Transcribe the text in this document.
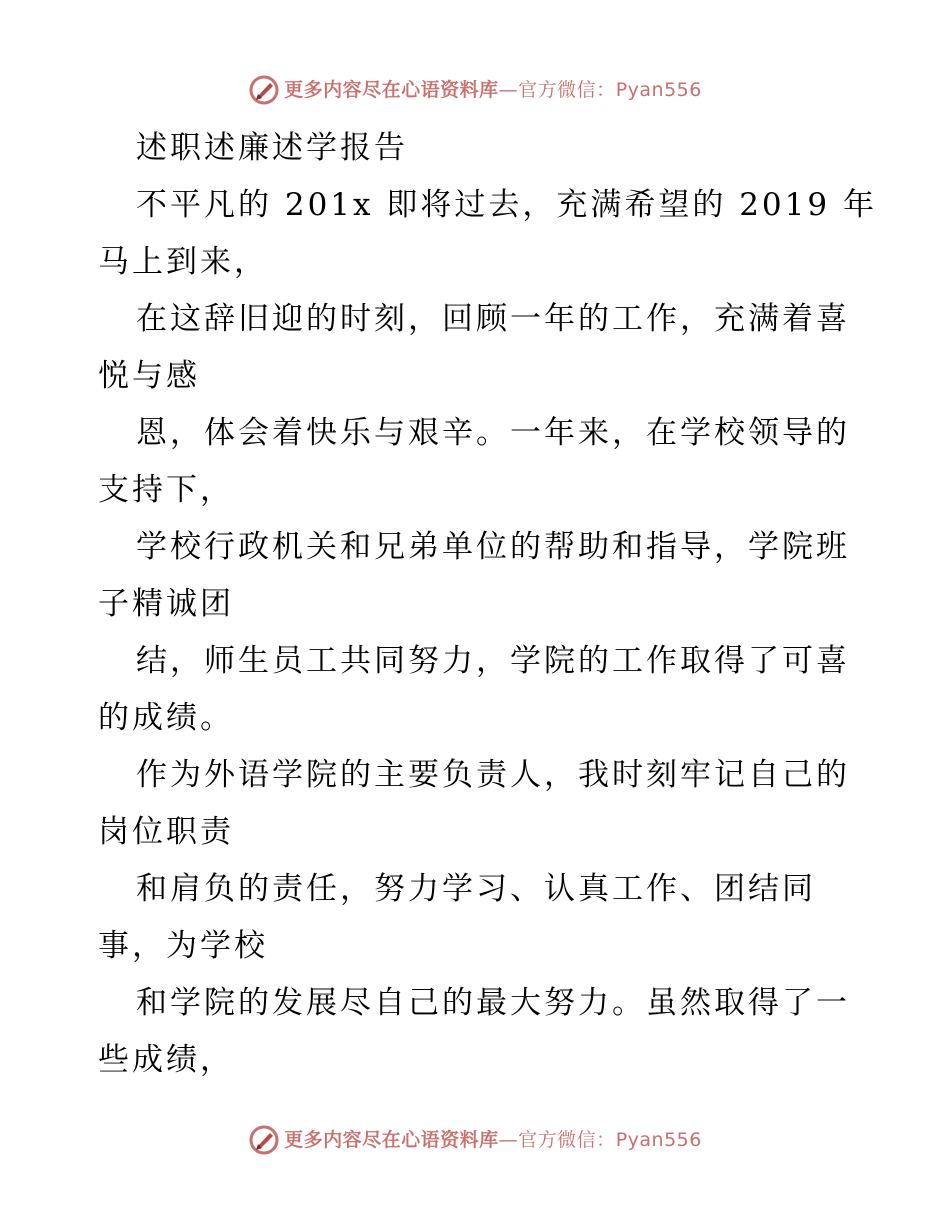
更多内容尽在心语资料库 — 官方微信： Pyan556
述职述廉述学报告
不平凡的 201x 即将过去，充满希望的 2019 年
马上到来，
在这辞旧迎的时刻，回顾一年的工作，充满着喜
悦与感
恩，体会着快乐与艰辛。一年来，在学校领导的
支持下，
学校行政机关和兄弟单位的帮助和指导，学院班
子精诚团
结，师生员工共同努力，学院的工作取得了可喜
的成绩。
作为外语学院的主要负责人，我时刻牢记自己的
岗位职责
和肩负的责任，努力学习、认真工作、团结同
事，为学校
和学院的发展尽自己的最大努力。虽然取得了一
些成绩，
更多内容尽在心语资料库 — 官方微信： Pyan556
